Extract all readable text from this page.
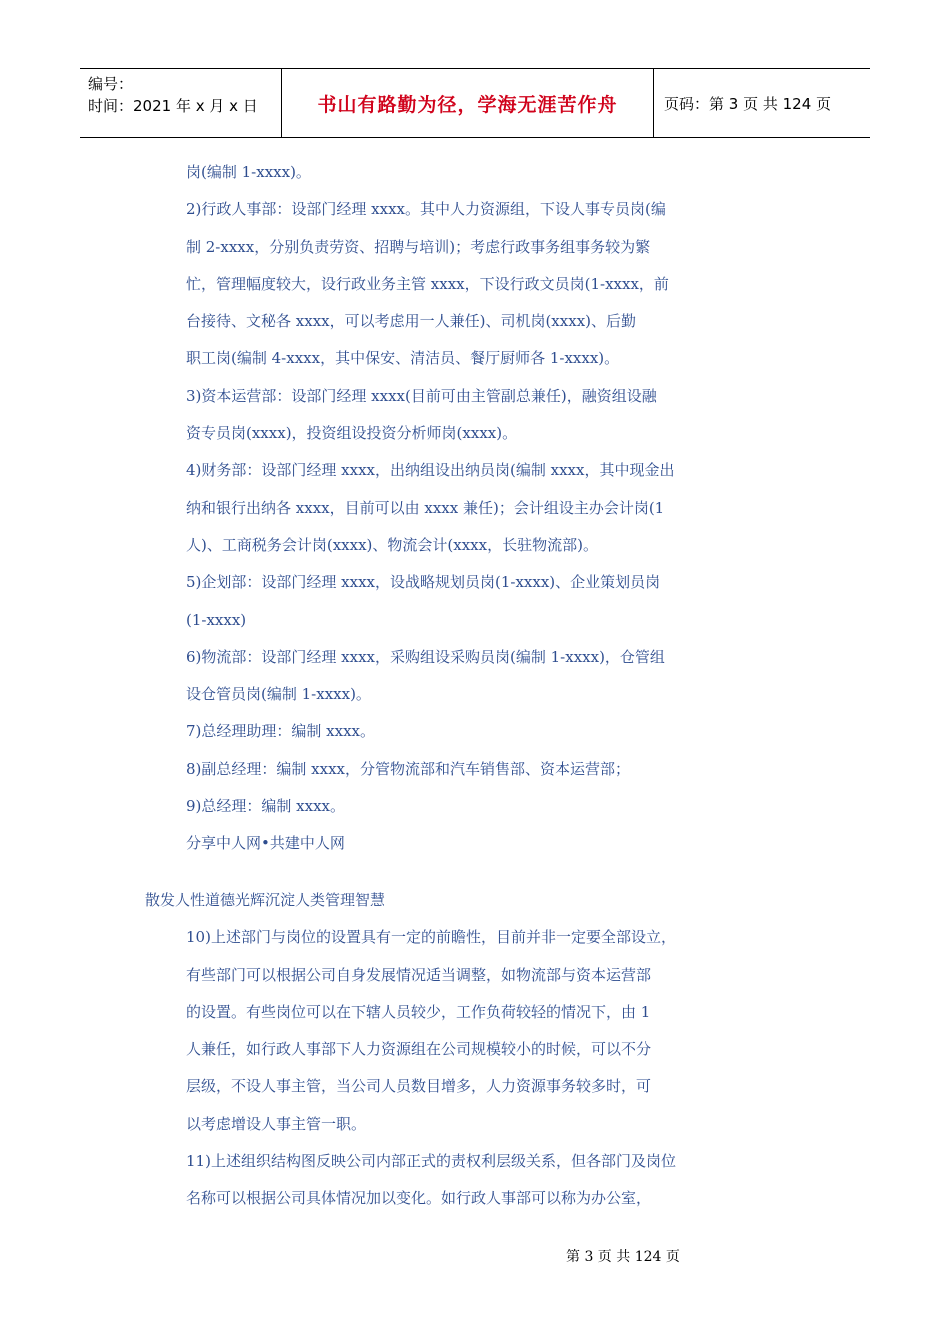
编号：
时间：2021 年 x 月 x 日	书山有路勤为径，学海无涯苦作舟	页码：第 3 页 共 124 页
岗(编制 1-xxxx)。
2)行政人事部：设部门经理 xxxx。其中人力资源组，下设人事专员岗(编
制 2-xxxx，分别负责劳资、招聘与培训)；考虑行政事务组事务较为繁
忙，管理幅度较大，设行政业务主管 xxxx，下设行政文员岗(1-xxxx，前
台接待、文秘各 xxxx，可以考虑用一人兼任)、司机岗(xxxx)、后勤
职工岗(编制 4-xxxx，其中保安、清洁员、餐厅厨师各 1-xxxx)。
3)资本运营部：设部门经理 xxxx(目前可由主管副总兼任)，融资组设融
资专员岗(xxxx)，投资组设投资分析师岗(xxxx)。
4)财务部：设部门经理 xxxx，出纳组设出纳员岗(编制 xxxx，其中现金出
纳和银行出纳各 xxxx，目前可以由 xxxx 兼任)；会计组设主办会计岗(1
人)、工商税务会计岗(xxxx)、物流会计(xxxx，长驻物流部)。
5)企划部：设部门经理 xxxx，设战略规划员岗(1-xxxx)、企业策划员岗
(1-xxxx)
6)物流部：设部门经理 xxxx，采购组设采购员岗(编制 1-xxxx)，仓管组
设仓管员岗(编制 1-xxxx)。
7)总经理助理：编制 xxxx。
8)副总经理：编制 xxxx，分管物流部和汽车销售部、资本运营部；
9)总经理：编制 xxxx。
分享中人网•共建中人网
散发人性道德光辉沉淀人类管理智慧
10)上述部门与岗位的设置具有一定的前瞻性，目前并非一定要全部设立，
有些部门可以根据公司自身发展情况适当调整，如物流部与资本运营部
的设置。有些岗位可以在下辖人员较少，工作负荷较轻的情况下，由 1
人兼任，如行政人事部下人力资源组在公司规模较小的时候，可以不分
层级，不设人事主管，当公司人员数目增多，人力资源事务较多时，可
以考虑增设人事主管一职。
11)上述组织结构图反映公司内部正式的责权利层级关系，但各部门及岗位
名称可以根据公司具体情况加以变化。如行政人事部可以称为办公室，
第 3 页 共 124 页
